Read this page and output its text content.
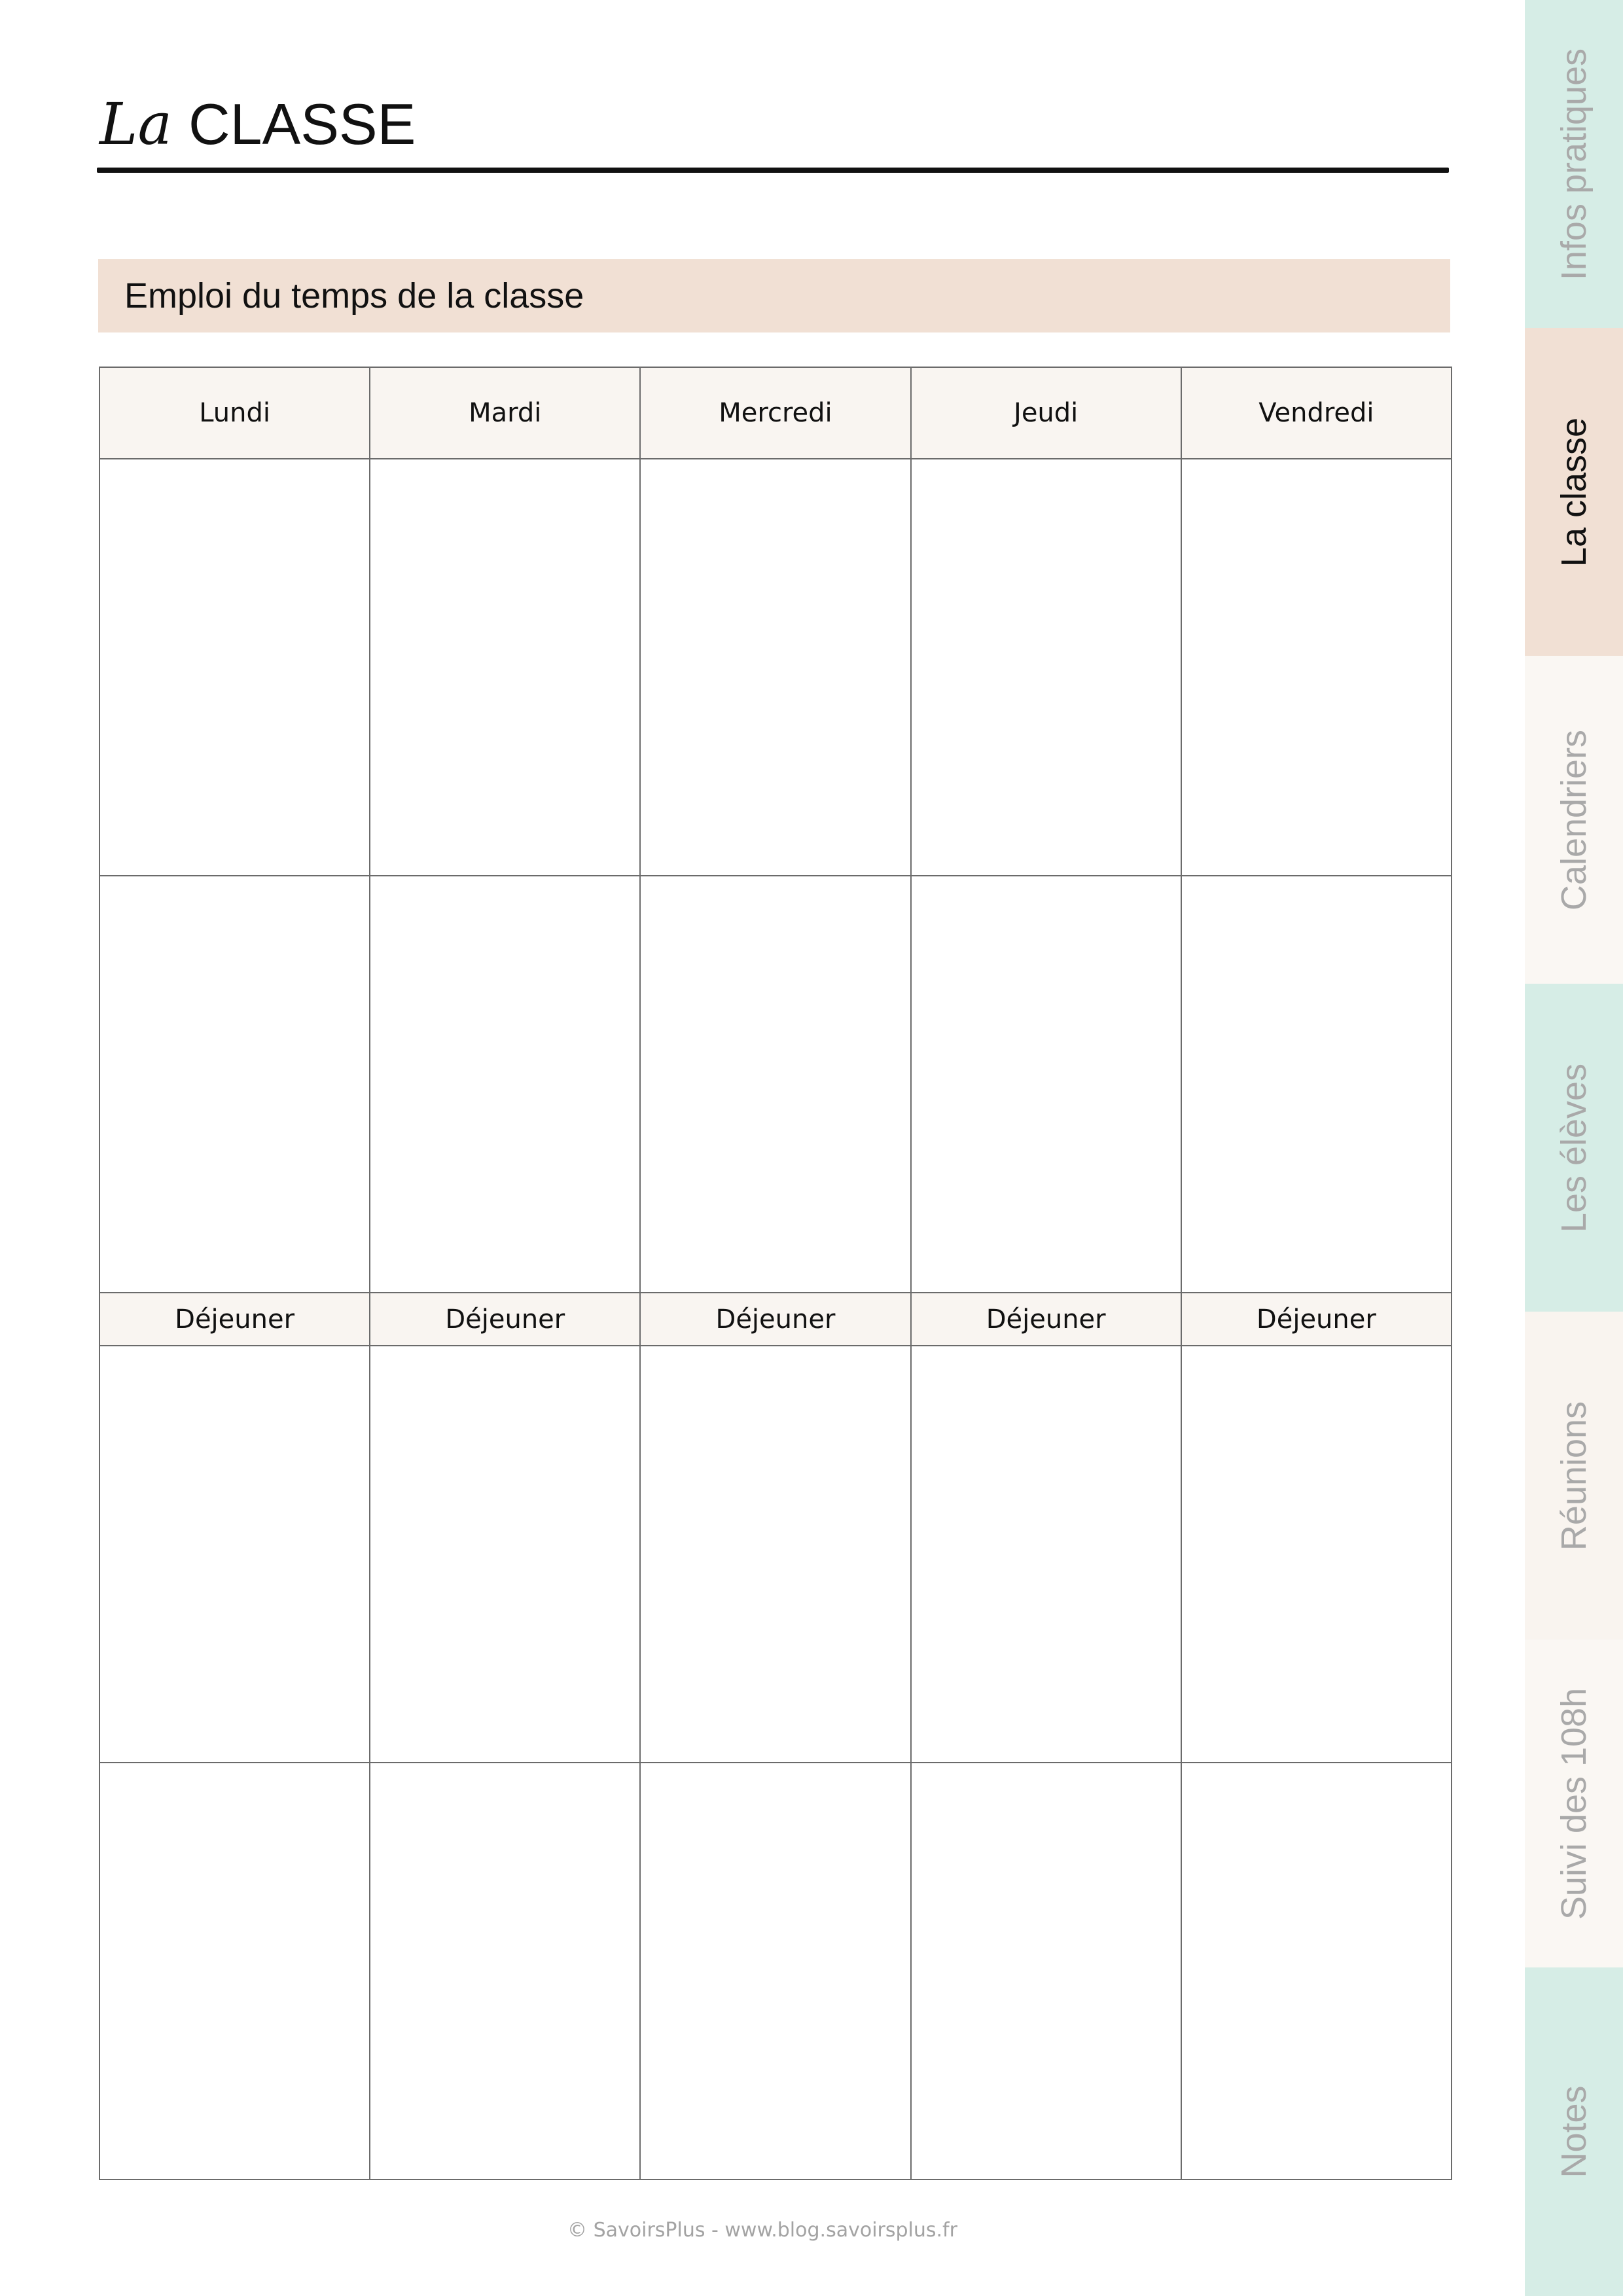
La CLASSE
Emploi du temps de la classe
Lundi	Mardi	Mercredi	Jeudi	Vendredi

Déjeuner	Déjeuner	Déjeuner	Déjeuner	Déjeuner

Infos pratiques
La classe
Calendriers
Les élèves
Réunions
Suivi des 108h
Notes
© SavoirsPlus - www.blog.savoirsplus.fr
